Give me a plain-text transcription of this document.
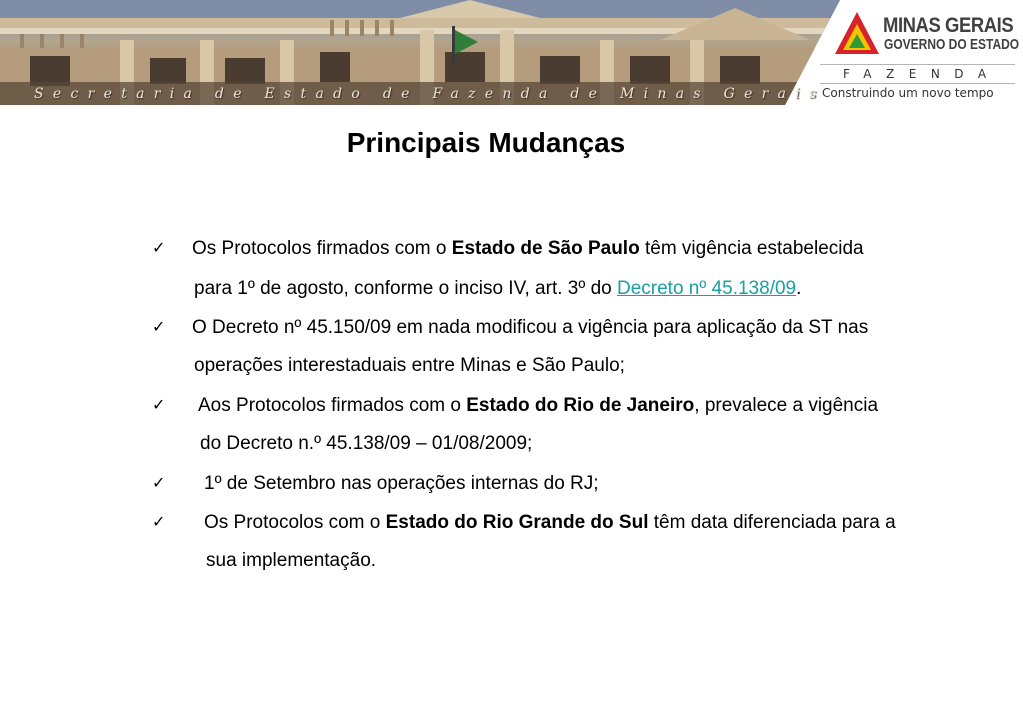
Secretaria de Estado de Fazenda de Minas Gerais
MINAS GERAIS
GOVERNO DO ESTADO
FAZENDA
Construindo um novo tempo
Principais Mudanças
✓ Os Protocolos firmados com o Estado de São Paulo têm vigência estabelecida
para 1º de agosto, conforme o inciso IV, art. 3º do Decreto nº 45.138/09.
✓ O Decreto nº 45.150/09 em nada modificou a vigência para aplicação da ST nas
operações interestaduais entre Minas e São Paulo;
✓ Aos Protocolos firmados com o Estado do Rio de Janeiro, prevalece a vigência
do Decreto n.º 45.138/09 – 01/08/2009;
✓ 1º de Setembro nas operações internas do RJ;
✓ Os Protocolos com o Estado do Rio Grande do Sul têm data diferenciada para a
sua implementação.
